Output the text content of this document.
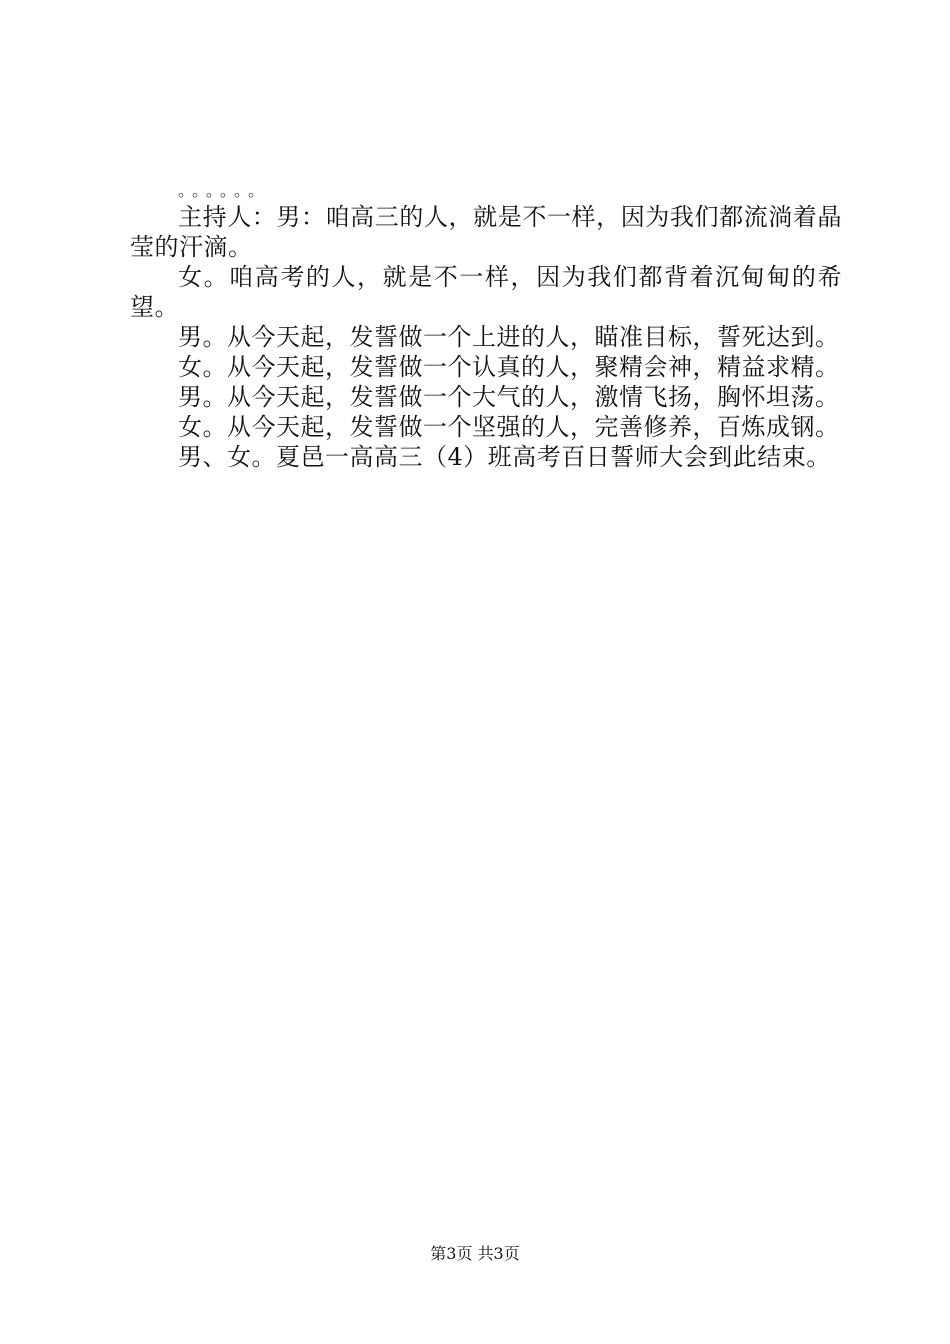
。。。。。。

主持人：男：咱高三的人，就是不一样，因为我们都流淌着晶莹的汗滴。

女。咱高考的人，就是不一样，因为我们都背着沉甸甸的希望。

男。从今天起，发誓做一个上进的人，瞄准目标，誓死达到。

女。从今天起，发誓做一个认真的人，聚精会神，精益求精。

男。从今天起，发誓做一个大气的人，激情飞扬，胸怀坦荡。

女。从今天起，发誓做一个坚强的人，完善修养，百炼成钢。

男、女。夏邑一高高三（4）班高考百日誓师大会到此结束。

第3页 共3页
